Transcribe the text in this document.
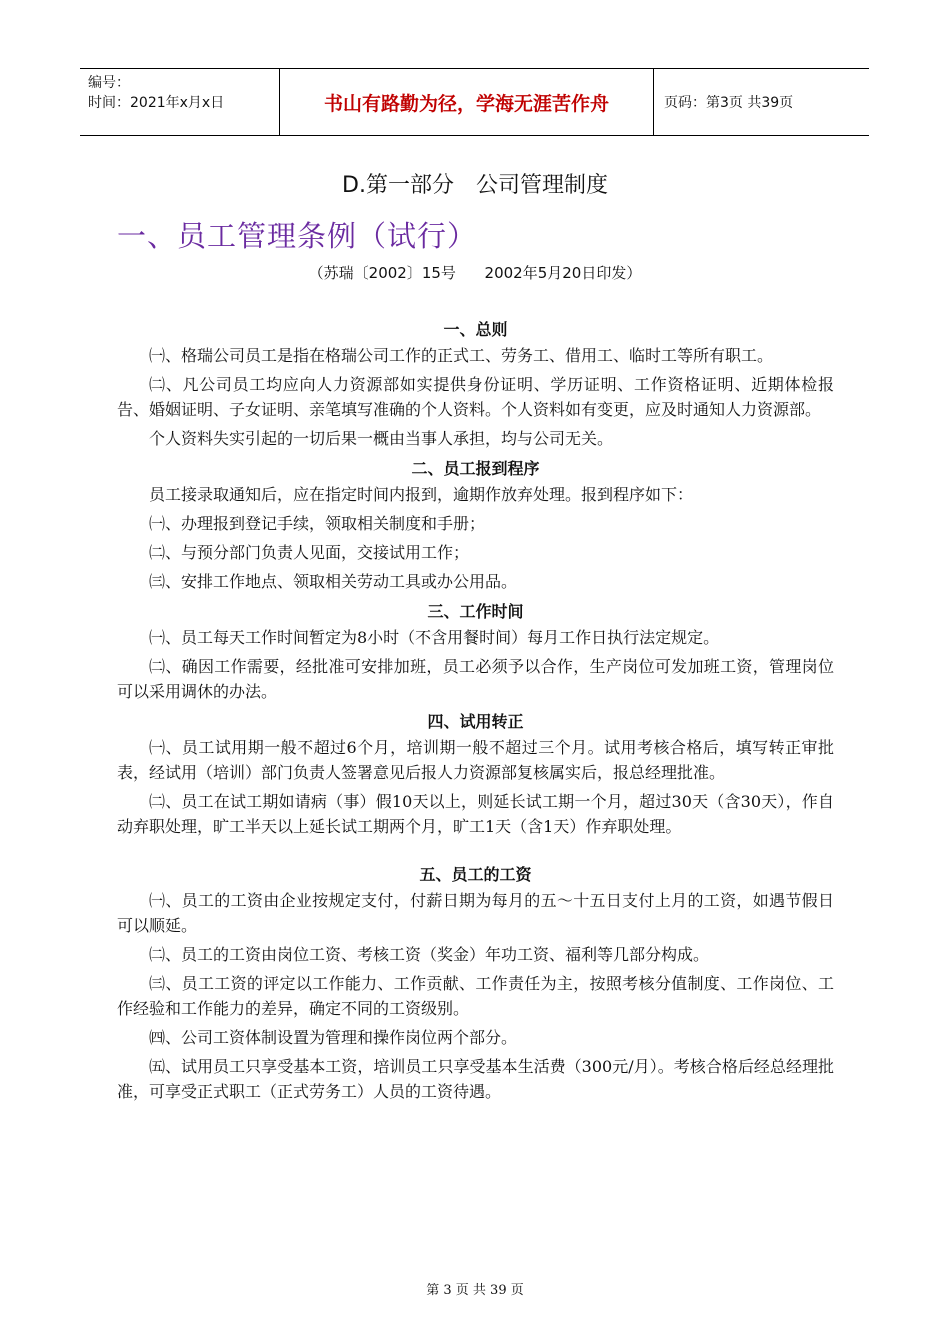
编号：
时间：2021年x月x日	书山有路勤为径，学海无涯苦作舟	页码：第3页 共39页
D.第一部分　公司管理制度
一、员工管理条例（试行）
（苏瑞〔2002〕15号      2002年5月20日印发）
一、总则

㈠、格瑞公司员工是指在格瑞公司工作的正式工、劳务工、借用工、临时工等所有职工。

㈡、凡公司员工均应向人力资源部如实提供身份证明、学历证明、工作资格证明、近期体检报告、婚姻证明、子女证明、亲笔填写准确的个人资料。个人资料如有变更，应及时通知人力资源部。

个人资料失实引起的一切后果一概由当事人承担，均与公司无关。

二、员工报到程序

员工接录取通知后，应在指定时间内报到，逾期作放弃处理。报到程序如下：

㈠、办理报到登记手续，领取相关制度和手册；

㈡、与预分部门负责人见面，交接试用工作；

㈢、安排工作地点、领取相关劳动工具或办公用品。

三、工作时间

㈠、员工每天工作时间暂定为8小时（不含用餐时间）每月工作日执行法定规定。

㈡、确因工作需要，经批准可安排加班，员工必须予以合作，生产岗位可发加班工资，管理岗位可以采用调休的办法。

四、试用转正

㈠、员工试用期一般不超过6个月，培训期一般不超过三个月。试用考核合格后，填写转正审批表，经试用（培训）部门负责人签署意见后报人力资源部复核属实后，报总经理批准。

㈡、员工在试工期如请病（事）假10天以上，则延长试工期一个月，超过30天（含30天），作自动弃职处理，旷工半天以上延长试工期两个月，旷工1天（含1天）作弃职处理。

五、员工的工资

㈠、员工的工资由企业按规定支付，付薪日期为每月的五～十五日支付上月的工资，如遇节假日可以顺延。

㈡、员工的工资由岗位工资、考核工资（奖金）年功工资、福利等几部分构成。

㈢、员工工资的评定以工作能力、工作贡献、工作责任为主，按照考核分值制度、工作岗位、工作经验和工作能力的差异，确定不同的工资级别。

㈣、公司工资体制设置为管理和操作岗位两个部分。

㈤、试用员工只享受基本工资，培训员工只享受基本生活费（300元/月）。考核合格后经总经理批准，可享受正式职工（正式劳务工）人员的工资待遇。

第 3 页 共 39 页
